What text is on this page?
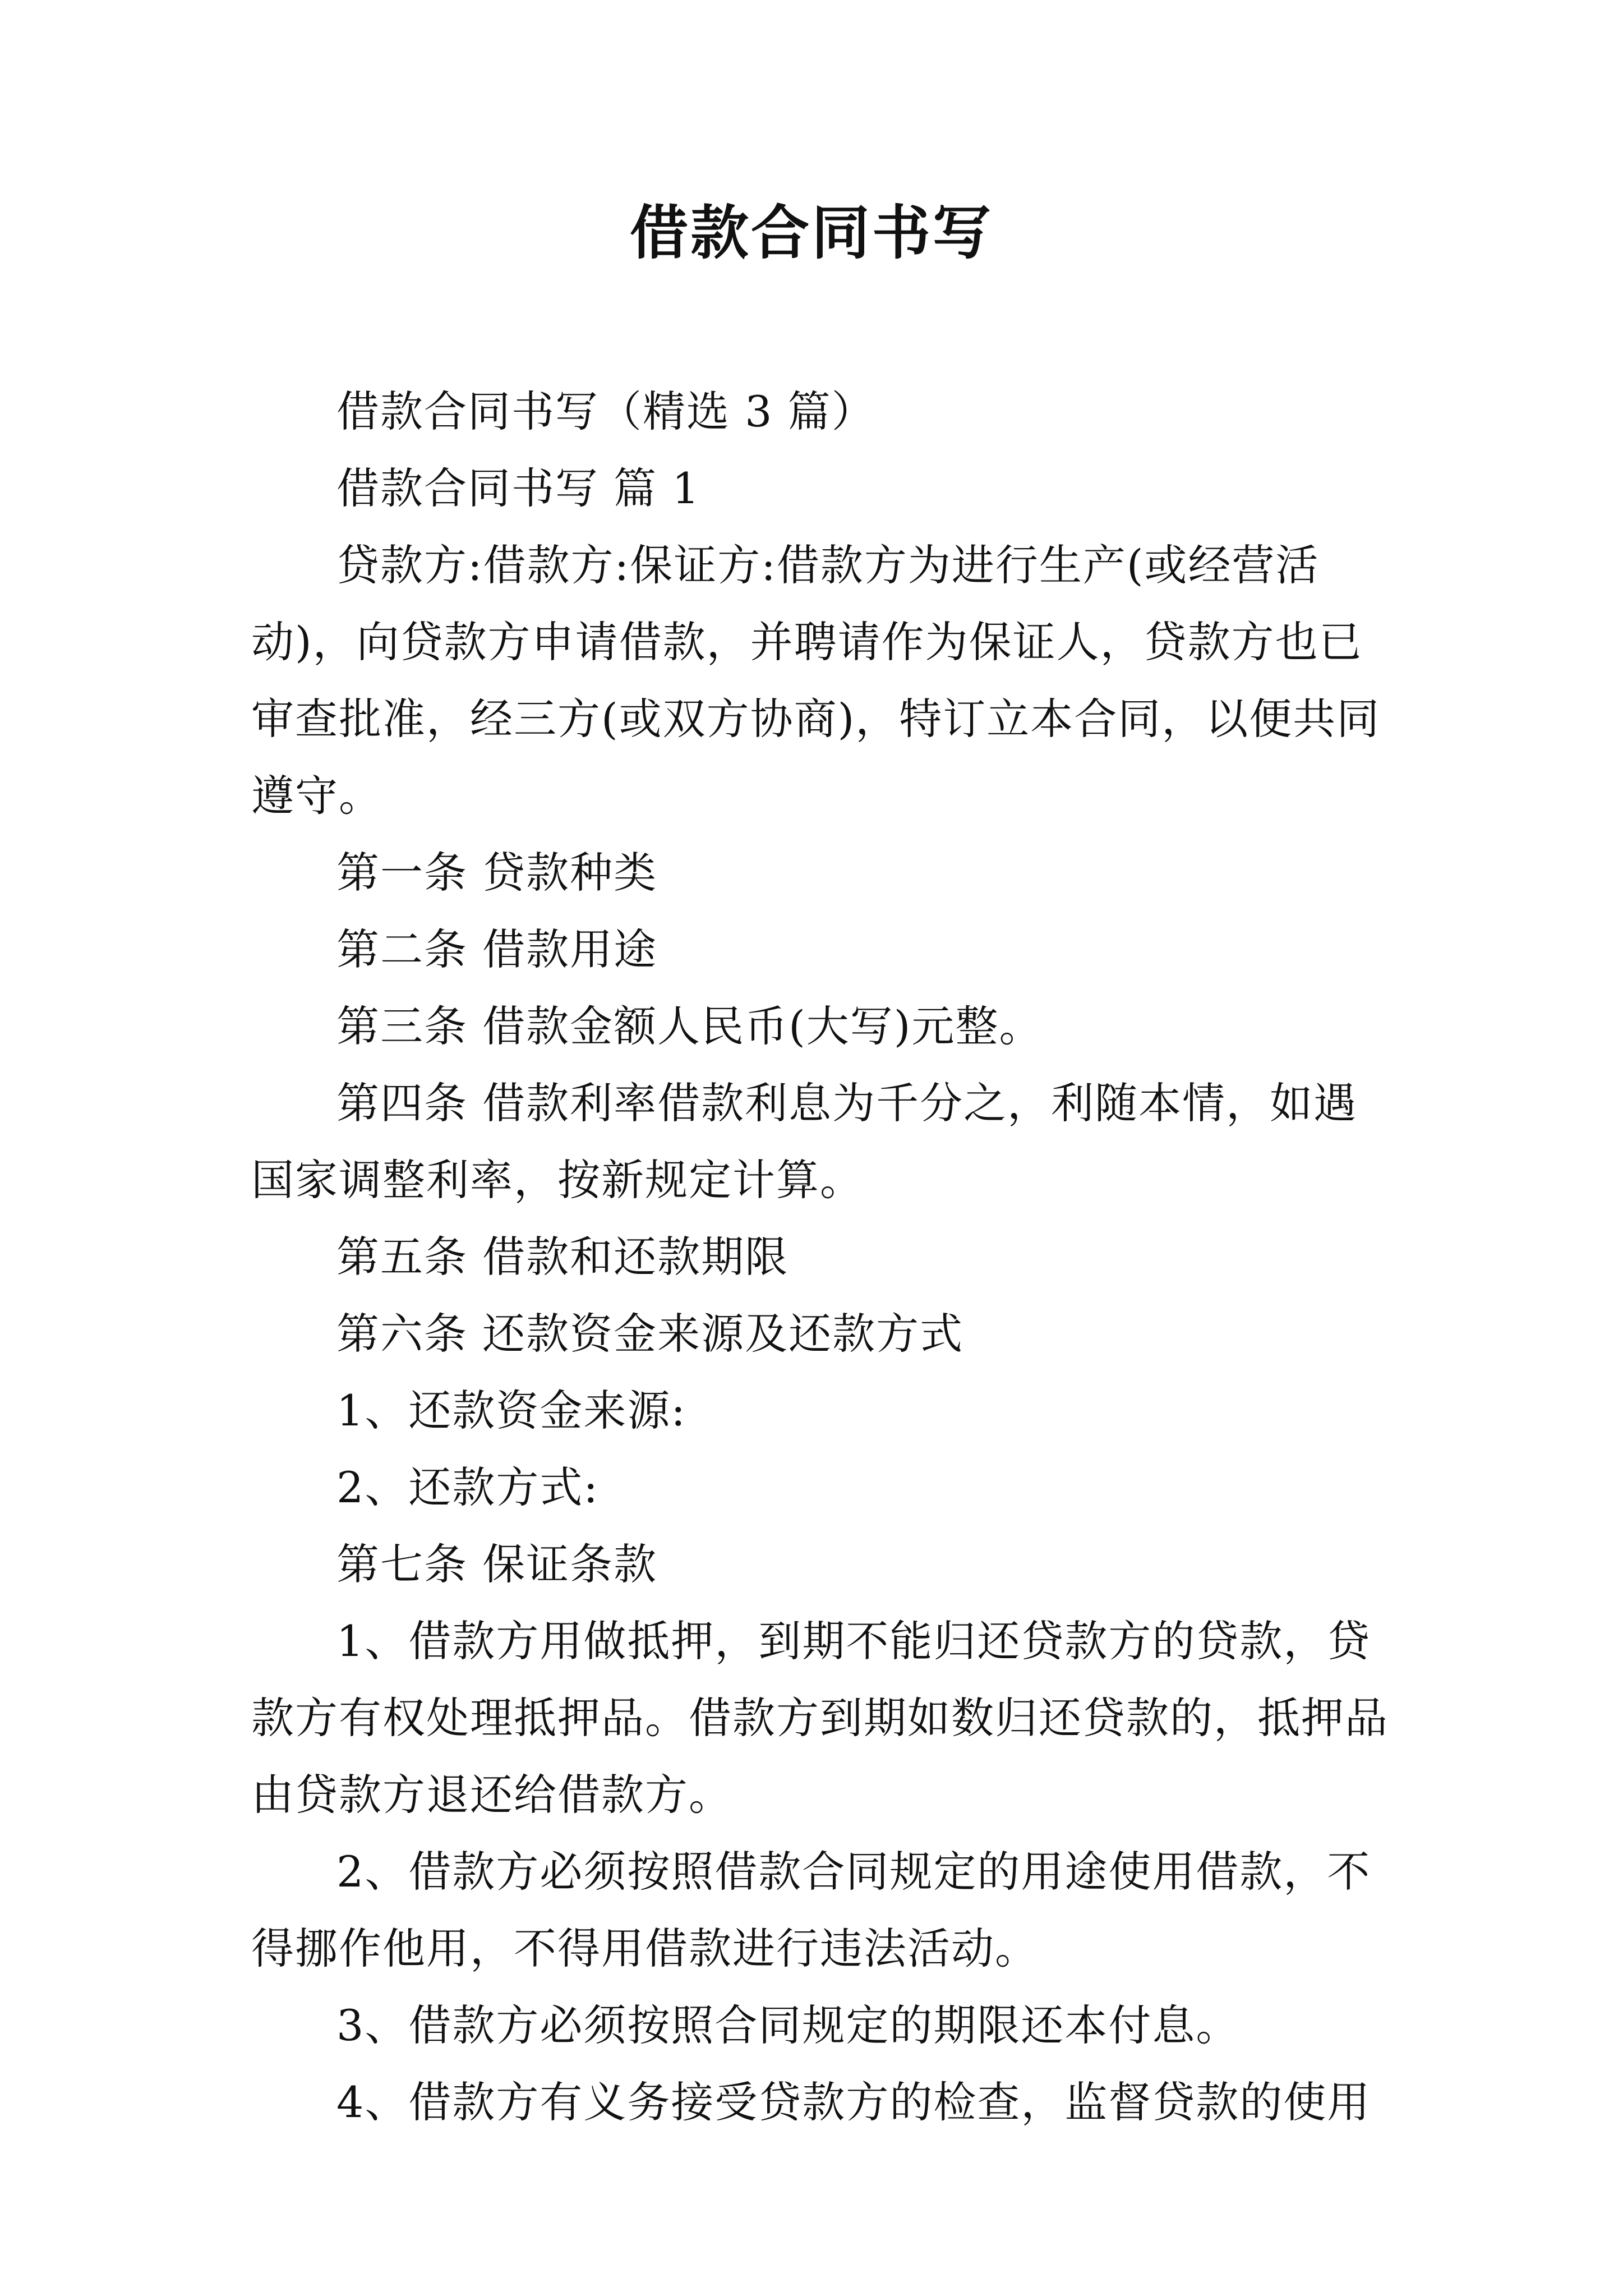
借款合同书写

借款合同书写（精选 3 篇）

借款合同书写 篇 1

贷款方:借款方:保证方:借款方为进行生产(或经营活动)，向贷款方申请借款，并聘请作为保证人，贷款方也已审查批准，经三方(或双方协商)，特订立本合同，以便共同遵守。

第一条 贷款种类

第二条 借款用途

第三条 借款金额人民币(大写)元整。

第四条 借款利率借款利息为千分之，利随本情，如遇国家调整利率，按新规定计算。

第五条 借款和还款期限

第六条 还款资金来源及还款方式

1、还款资金来源:

2、还款方式:

第七条 保证条款

1、借款方用做抵押，到期不能归还贷款方的贷款，贷款方有权处理抵押品。借款方到期如数归还贷款的，抵押品由贷款方退还给借款方。

2、借款方必须按照借款合同规定的用途使用借款，不得挪作他用，不得用借款进行违法活动。

3、借款方必须按照合同规定的期限还本付息。

4、借款方有义务接受贷款方的检查，监督贷款的使用
